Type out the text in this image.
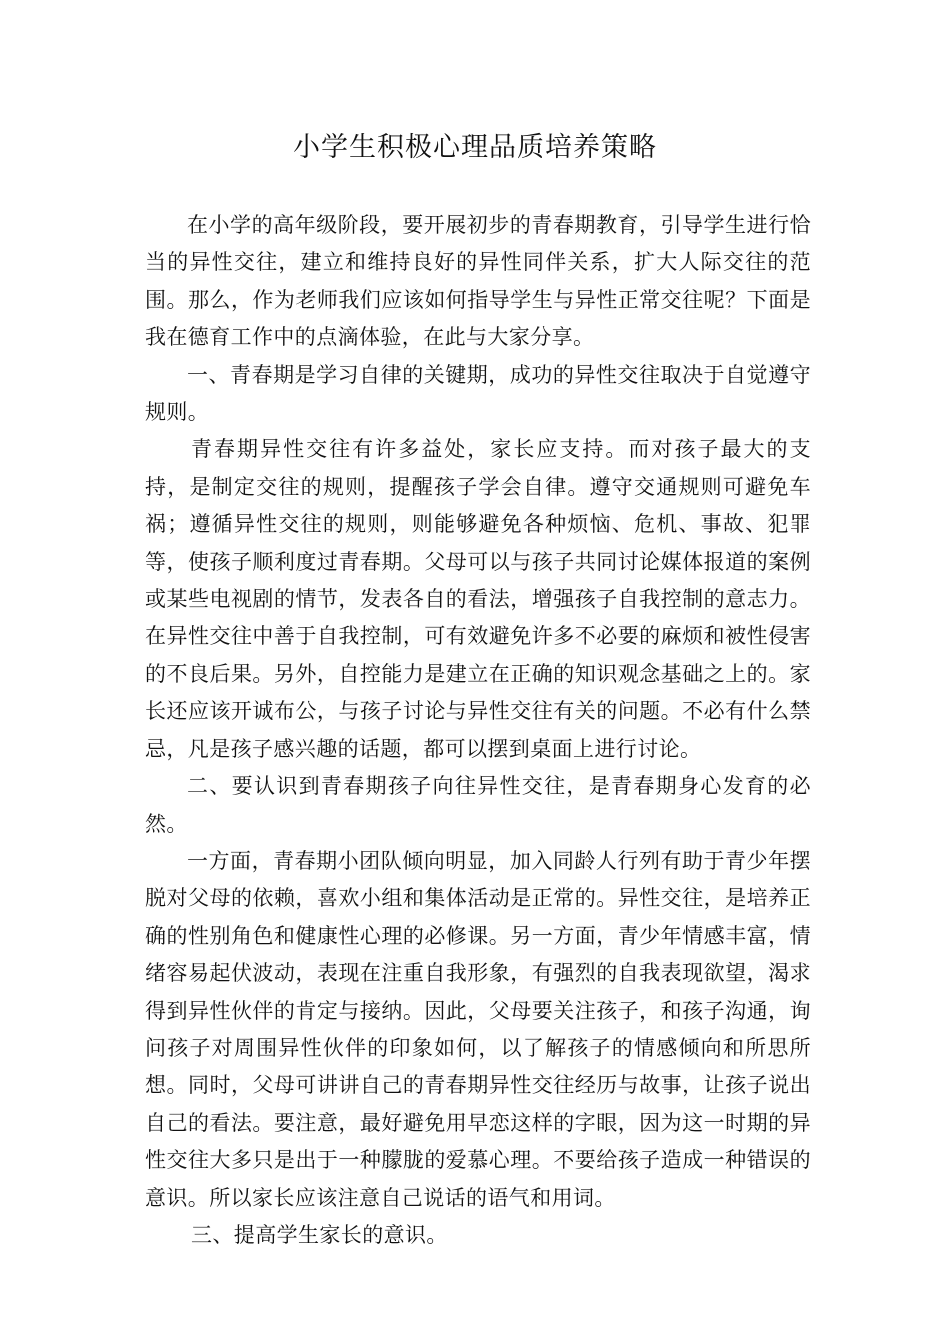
小学生积极心理品质培养策略

在小学的高年级阶段，要开展初步的青春期教育，引导学生进行恰当的异性交往，建立和维持良好的异性同伴关系，扩大人际交往的范围。那么，作为老师我们应该如何指导学生与异性正常交往呢？下面是我在德育工作中的点滴体验，在此与大家分享。

一、青春期是学习自律的关键期，成功的异性交往取决于自觉遵守规则。

青春期异性交往有许多益处，家长应支持。而对孩子最大的支持，是制定交往的规则，提醒孩子学会自律。遵守交通规则可避免车祸；遵循异性交往的规则，则能够避免各种烦恼、危机、事故、犯罪等，使孩子顺利度过青春期。父母可以与孩子共同讨论媒体报道的案例或某些电视剧的情节，发表各自的看法，增强孩子自我控制的意志力。在异性交往中善于自我控制，可有效避免许多不必要的麻烦和被性侵害的不良后果。另外，自控能力是建立在正确的知识观念基础之上的。家长还应该开诚布公，与孩子讨论与异性交往有关的问题。不必有什么禁忌，凡是孩子感兴趣的话题，都可以摆到桌面上进行讨论。

二、要认识到青春期孩子向往异性交往，是青春期身心发育的必然。

一方面，青春期小团队倾向明显，加入同龄人行列有助于青少年摆脱对父母的依赖，喜欢小组和集体活动是正常的。异性交往，是培养正确的性别角色和健康性心理的必修课。另一方面，青少年情感丰富，情绪容易起伏波动，表现在注重自我形象，有强烈的自我表现欲望，渴求得到异性伙伴的肯定与接纳。因此，父母要关注孩子，和孩子沟通，询问孩子对周围异性伙伴的印象如何，以了解孩子的情感倾向和所思所想。同时，父母可讲讲自己的青春期异性交往经历与故事，让孩子说出自己的看法。要注意，最好避免用早恋这样的字眼，因为这一时期的异性交往大多只是出于一种朦胧的爱慕心理。不要给孩子造成一种错误的意识。所以家长应该注意自己说话的语气和用词。

三、提高学生家长的意识。
